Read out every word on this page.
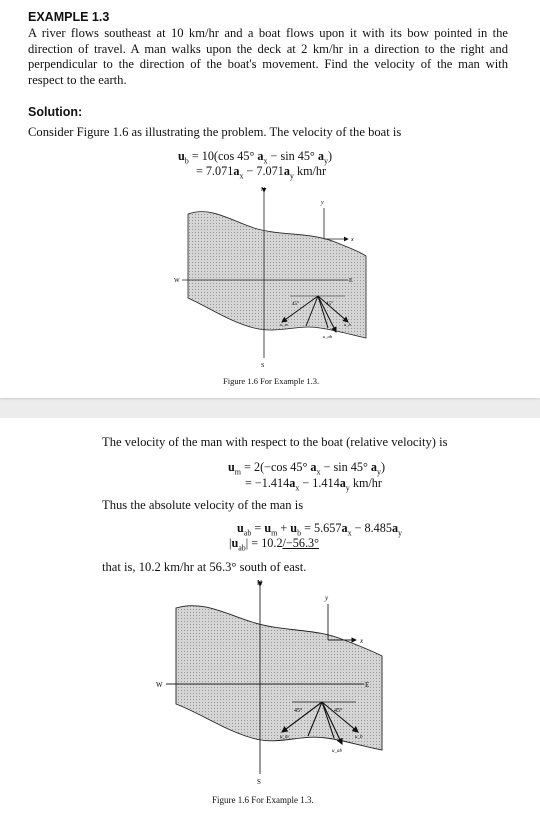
EXAMPLE 1.3
A river flows southeast at 10 km/hr and a boat flows upon it with its bow pointed in the direction of travel. A man walks upon the deck at 2 km/hr in a direction to the right and perpendicular to the direction of the boat's movement. Find the velocity of the man with respect to the earth.
Solution:
Consider Figure 1.6 as illustrating the problem. The velocity of the boat is
$u_b = 10(\cos$ 45° $a_x - \sin 45^\circ$ $a_y$)
= $7.071a_x - 7.071a_y$ km/hr
N
S
W	E
y
x
45°	45°
u_m	u_b
u_ab
Figure 1.6 For Example 1.3.
The velocity of the man with respect to the boat (relative velocity) is
$u_m = 2(-\cos$ 45° $a_x - \sin 45^\circ$ $a_y$)
= $-1.414a_x - 1.414a_y$ km/hr
Thus the absolute velocity of the man is
$u_{ab} = u_m + u_b = 5.657a_x - 8.485a_y$
$|u_{ab}| = 10.2/-56.3^\circ$
that is, 10.2 km/hr at 56.3° south of east.
N
S
W	E
y
x
45°	45°
u_m	u_b
u_ab
Figure 1.6 For Example 1.3.
